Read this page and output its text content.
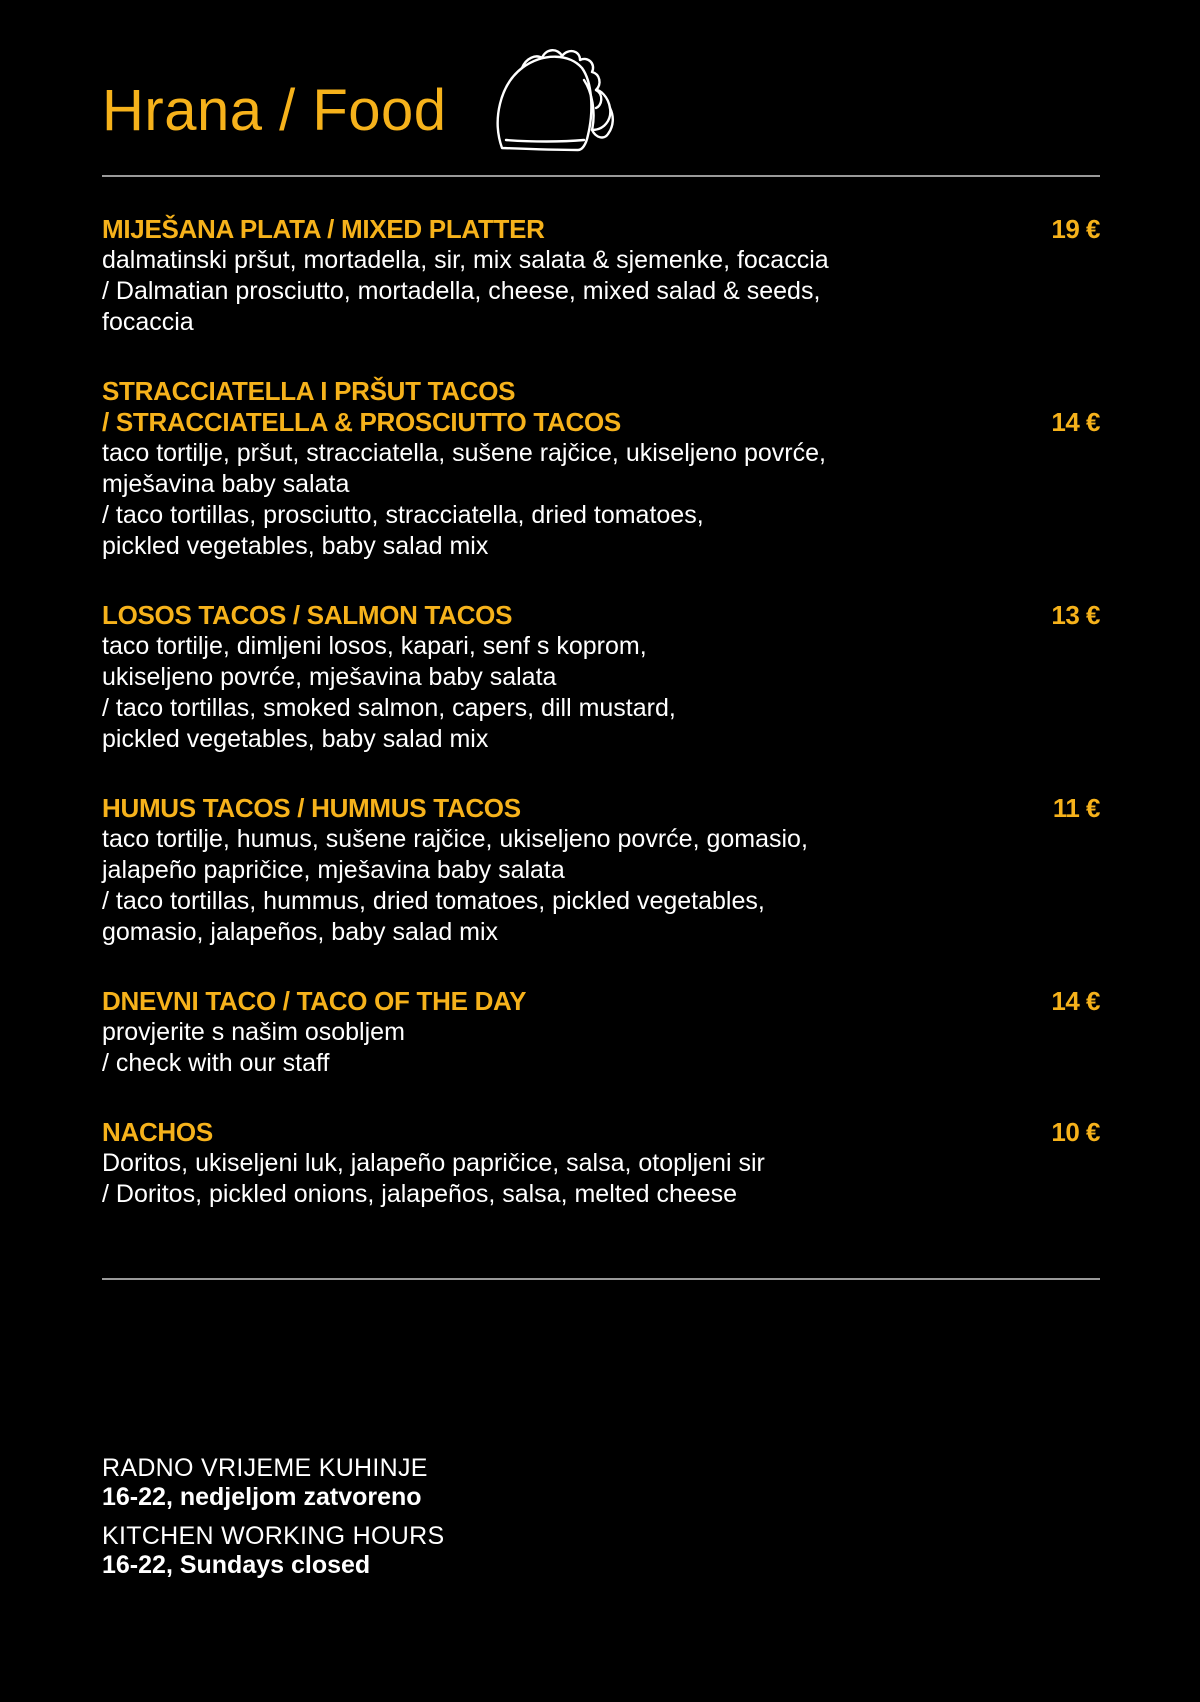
Hrana / Food
MIJEŠANA PLATA / MIXED PLATTER	19 €
dalmatinski pršut, mortadella, sir, mix salata & sjemenke, focaccia
/ Dalmatian prosciutto, mortadella, cheese, mixed salad & seeds,
focaccia
STRACCIATELLA I PRŠUT TACOS
/ STRACCIATELLA & PROSCIUTTO TACOS	14 €
taco tortilje, pršut, stracciatella, sušene rajčice, ukiseljeno povrće,
mješavina baby salata
/ taco tortillas, prosciutto, stracciatella, dried tomatoes,
pickled vegetables, baby salad mix
LOSOS TACOS / SALMON TACOS	13 €
taco tortilje, dimljeni losos, kapari, senf s koprom,
ukiseljeno povrće, mješavina baby salata
/ taco tortillas, smoked salmon, capers, dill mustard,
pickled vegetables, baby salad mix
HUMUS TACOS / HUMMUS TACOS	11 €
taco tortilje, humus, sušene rajčice, ukiseljeno povrće, gomasio,
jalapeño papričice, mješavina baby salata
/ taco tortillas, hummus, dried tomatoes, pickled vegetables,
gomasio, jalapeños, baby salad mix
DNEVNI TACO / TACO OF THE DAY	14 €
provjerite s našim osobljem
/ check with our staff
NACHOS	10 €
Doritos, ukiseljeni luk, jalapeño papričice, salsa, otopljeni sir
/ Doritos, pickled onions, jalapeños, salsa, melted cheese
RADNO VRIJEME KUHINJE
16-22, nedjeljom zatvoreno
KITCHEN WORKING HOURS
16-22, Sundays closed
